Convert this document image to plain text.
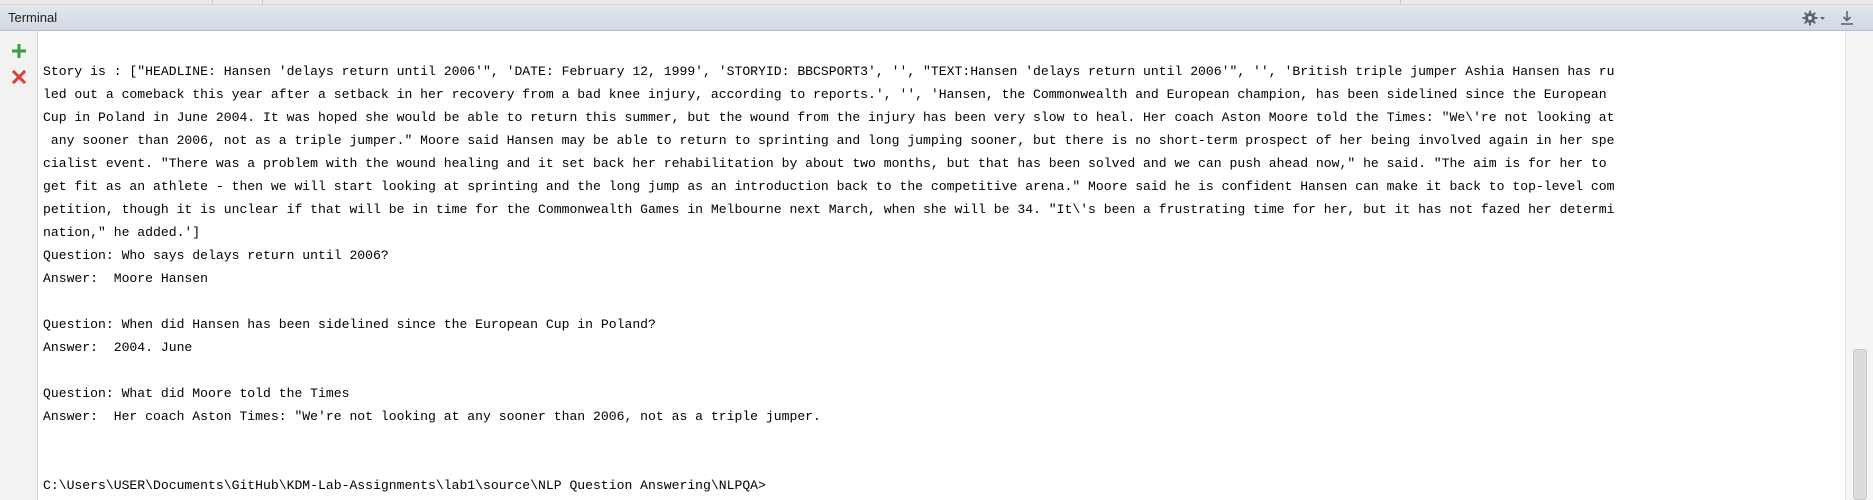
Terminal
Story is : ["HEADLINE: Hansen 'delays return until 2006'", 'DATE: February 12, 1999', 'STORYID: BBCSPORT3', '', "TEXT:Hansen 'delays return until 2006'", '', 'British triple jumper Ashia Hansen has ru
led out a comeback this year after a setback in her recovery from a bad knee injury, according to reports.', '', 'Hansen, the Commonwealth and European champion, has been sidelined since the European
Cup in Poland in June 2004. It was hoped she would be able to return this summer, but the wound from the injury has been very slow to heal. Her coach Aston Moore told the Times: "We\'re not looking at
any sooner than 2006, not as a triple jumper." Moore said Hansen may be able to return to sprinting and long jumping sooner, but there is no short-term prospect of her being involved again in her spe
cialist event. "There was a problem with the wound healing and it set back her rehabilitation by about two months, but that has been solved and we can push ahead now," he said. "The aim is for her to
get fit as an athlete - then we will start looking at sprinting and the long jump as an introduction back to the competitive arena." Moore said he is confident Hansen can make it back to top-level com
petition, though it is unclear if that will be in time for the Commonwealth Games in Melbourne next March, when she will be 34. "It\'s been a frustrating time for her, but it has not fazed her determi
nation," he added.']
Question: Who says delays return until 2006?
Answer:  Moore Hansen
Question: When did Hansen has been sidelined since the European Cup in Poland?
Answer:  2004. June
Question: What did Moore told the Times
Answer:  Her coach Aston Times: "We're not looking at any sooner than 2006, not as a triple jumper.
C:\Users\USER\Documents\GitHub\KDM-Lab-Assignments\lab1\source\NLP Question Answering\NLPQA>
